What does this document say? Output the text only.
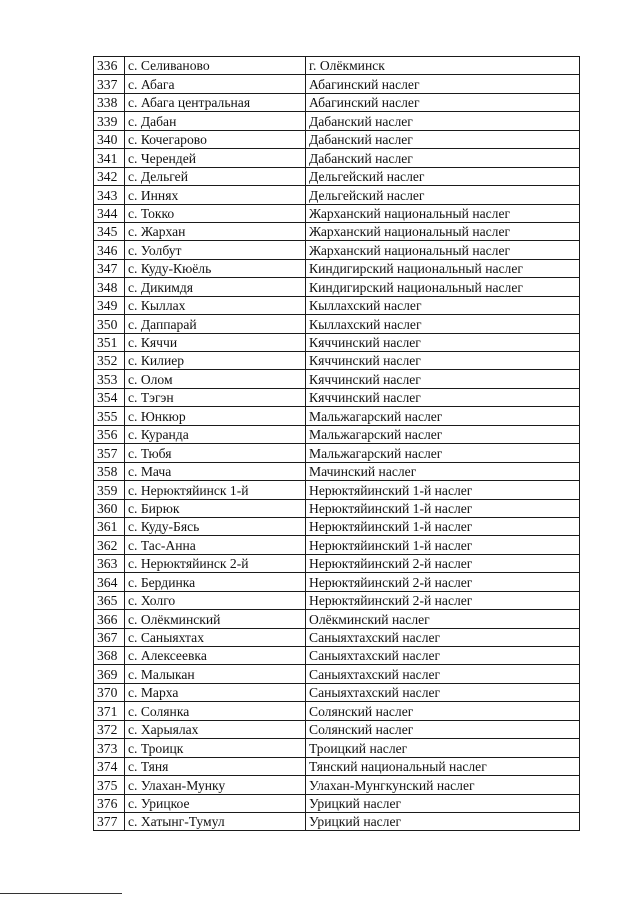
336	с. Селиваново	г. Олёкминск
337	с. Абага	Абагинский наслег
338	с. Абага центральная	Абагинский наслег
339	с. Дабан	Дабанский наслег
340	с. Кочегарово	Дабанский наслег
341	с. Черендей	Дабанский наслег
342	с. Дельгей	Дельгейский наслег
343	с. Иннях	Дельгейский наслег
344	с. Токко	Жарханский национальный наслег
345	с. Жархан	Жарханский национальный наслег
346	с. Уолбут	Жарханский национальный наслег
347	с. Куду-Кюёль	Киндигирский национальный наслег
348	с. Дикимдя	Киндигирский национальный наслег
349	с. Кыллах	Кыллахский наслег
350	с. Даппарай	Кыллахский наслег
351	с. Кяччи	Кяччинский наслег
352	с. Килиер	Кяччинский наслег
353	с. Олом	Кяччинский наслег
354	с. Тэгэн	Кяччинский наслег
355	с. Юнкюр	Мальжагарский наслег
356	с. Куранда	Мальжагарский наслег
357	с. Тюбя	Мальжагарский наслег
358	с. Мача	Мачинский наслег
359	с. Нерюктяйинск 1-й	Нерюктяйинский 1-й наслег
360	с. Бирюк	Нерюктяйинский 1-й наслег
361	с. Куду-Бясь	Нерюктяйинский 1-й наслег
362	с. Тас-Анна	Нерюктяйинский 1-й наслег
363	с. Нерюктяйинск 2-й	Нерюктяйинский 2-й наслег
364	с. Бердинка	Нерюктяйинский 2-й наслег
365	с. Холго	Нерюктяйинский 2-й наслег
366	с. Олёкминский	Олёкминский наслег
367	с. Саныяхтах	Саныяхтахский наслег
368	с. Алексеевка	Саныяхтахский наслег
369	с. Малыкан	Саныяхтахский наслег
370	с. Марха	Саныяхтахский наслег
371	с. Солянка	Солянский наслег
372	с. Харыялах	Солянский наслег
373	с. Троицк	Троицкий наслег
374	с. Тяня	Тянский национальный наслег
375	с. Улахан-Мунку	Улахан-Мунгкунский наслег
376	с. Урицкое	Урицкий наслег
377	с. Хатынг-Тумул	Урицкий наслег
